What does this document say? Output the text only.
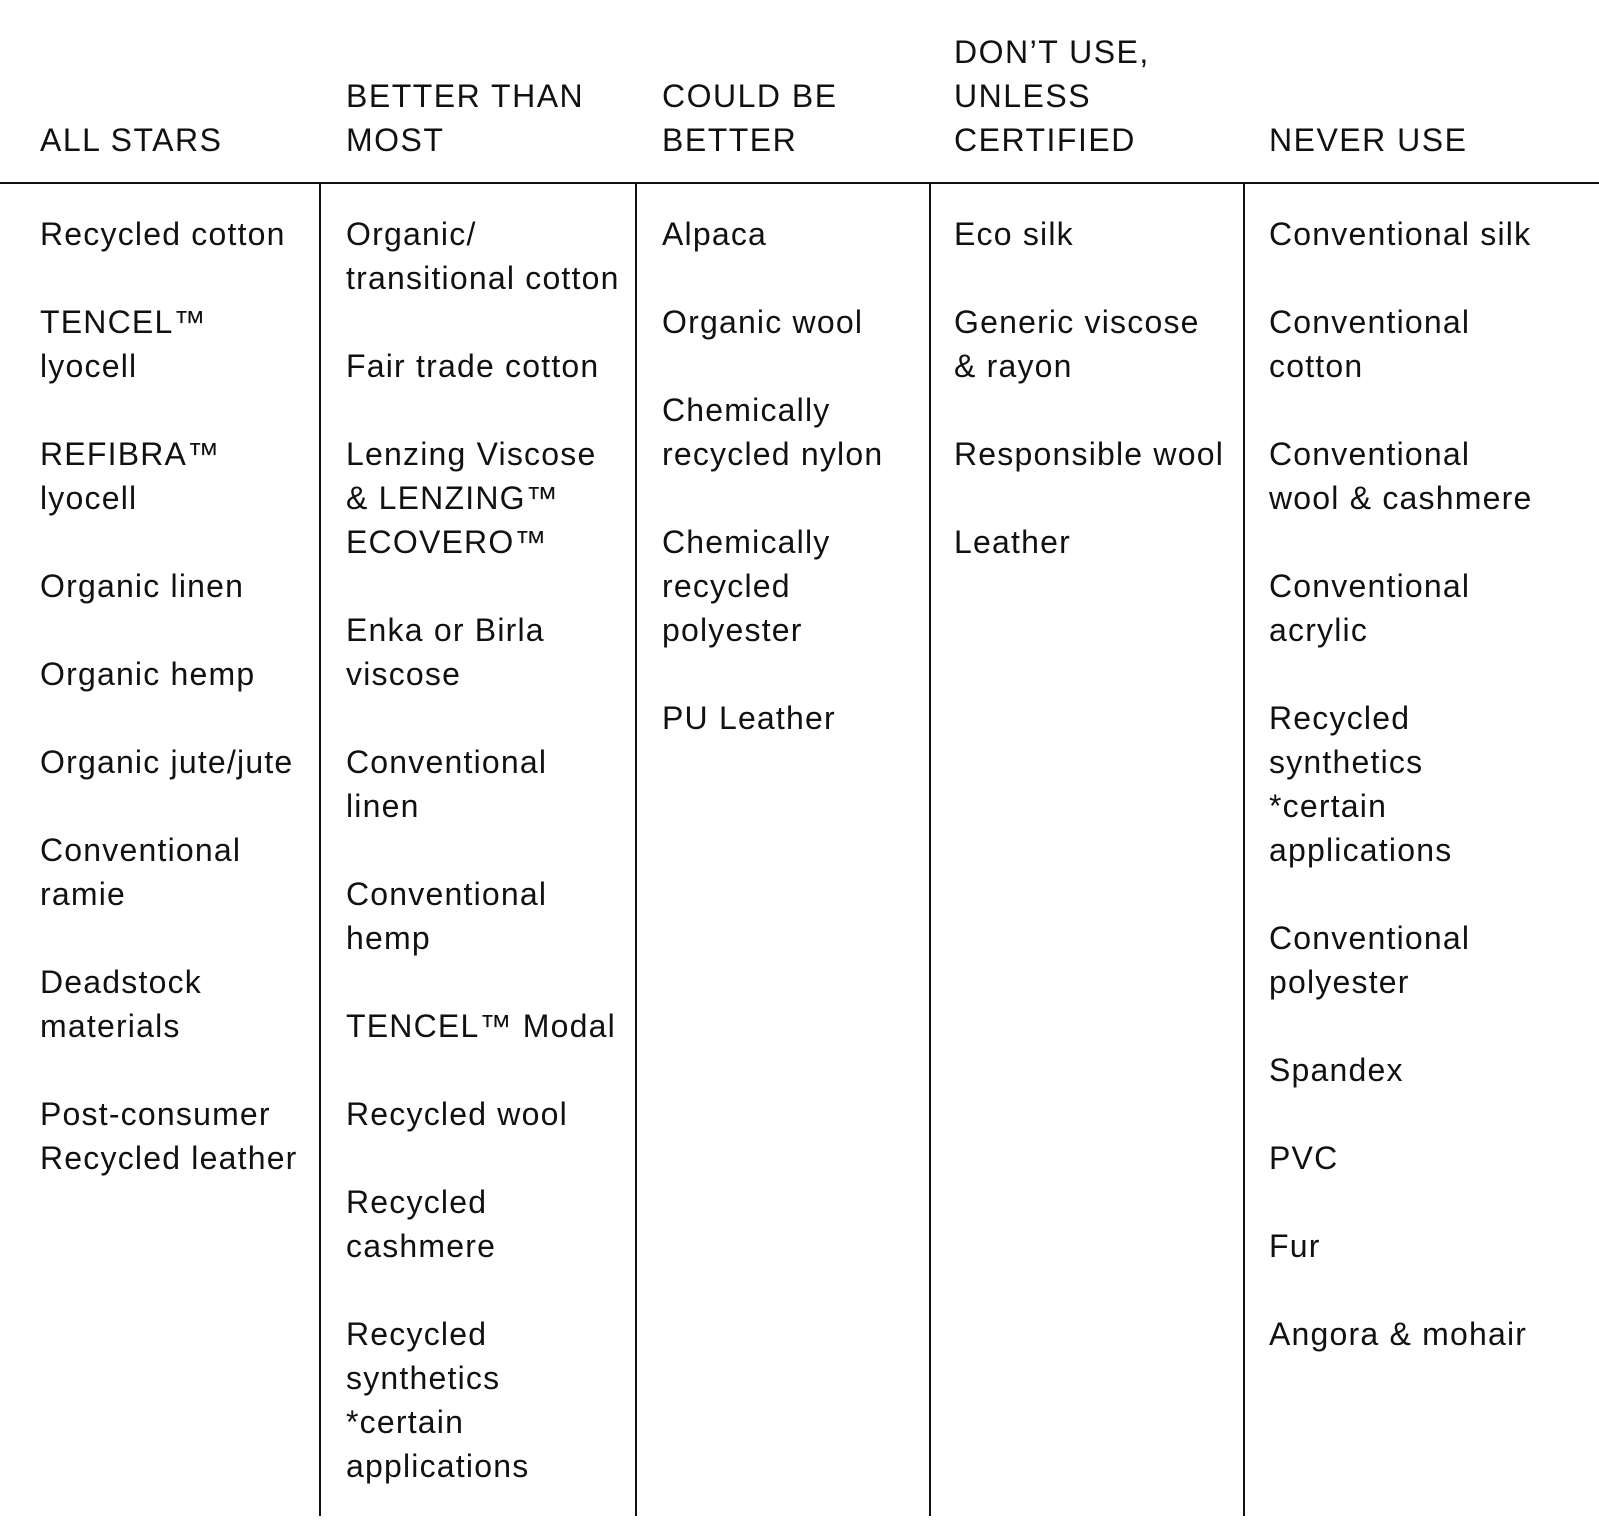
ALL STARS
BETTER THAN
MOST
COULD BE
BETTER
DON’T USE,
UNLESS
CERTIFIED	NEVER USE
Recycled cotton
TENCEL™
lyocell
REFIBRA™
lyocell
Organic linen
Organic hemp
Organic jute/jute
Conventional
ramie
Deadstock
materials
Post-consumer
Recycled leather
Organic/
transitional cotton
Fair trade cotton
Lenzing Viscose
& LENZING™
ECOVERO™
Enka or Birla
viscose
Conventional
linen
Conventional
hemp
TENCEL™ Modal
Recycled wool
Recycled
cashmere
Recycled
synthetics
*certain
applications
Alpaca
Organic wool
Chemically
recycled nylon
Chemically
recycled
polyester
PU Leather
Eco silk
Generic viscose
& rayon
Responsible wool
Leather
Conventional silk
Conventional
cotton
Conventional
wool & cashmere
Conventional
acrylic
Recycled
synthetics
*certain
applications
Conventional
polyester
Spandex
PVC
Fur
Angora & mohair
